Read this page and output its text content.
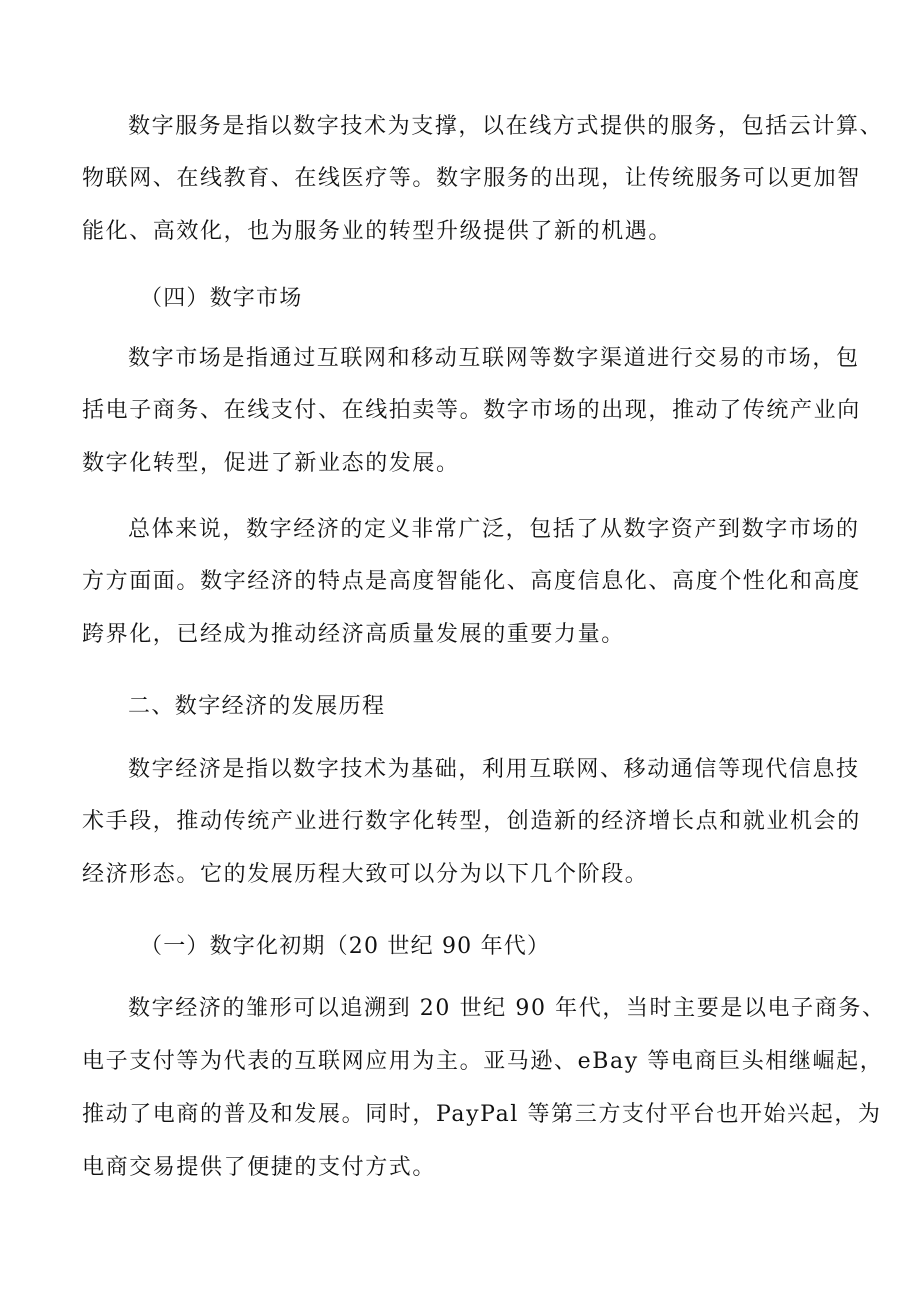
数字服务是指以数字技术为支撑，以在线方式提供的服务，包括云计算、
物联网、在线教育、在线医疗等。数字服务的出现，让传统服务可以更加智
能化、高效化，也为服务业的转型升级提供了新的机遇。
（四）数字市场
数字市场是指通过互联网和移动互联网等数字渠道进行交易的市场，包
括电子商务、在线支付、在线拍卖等。数字市场的出现，推动了传统产业向
数字化转型，促进了新业态的发展。
总体来说，数字经济的定义非常广泛，包括了从数字资产到数字市场的
方方面面。数字经济的特点是高度智能化、高度信息化、高度个性化和高度
跨界化，已经成为推动经济高质量发展的重要力量。
二、数字经济的发展历程
数字经济是指以数字技术为基础，利用互联网、移动通信等现代信息技
术手段，推动传统产业进行数字化转型，创造新的经济增长点和就业机会的
经济形态。它的发展历程大致可以分为以下几个阶段。
（一）数字化初期（20 世纪 90 年代）
数字经济的雏形可以追溯到 20 世纪 90 年代，当时主要是以电子商务、
电子支付等为代表的互联网应用为主。亚马逊、eBay 等电商巨头相继崛起，
推动了电商的普及和发展。同时，PayPal 等第三方支付平台也开始兴起，为
电商交易提供了便捷的支付方式。
